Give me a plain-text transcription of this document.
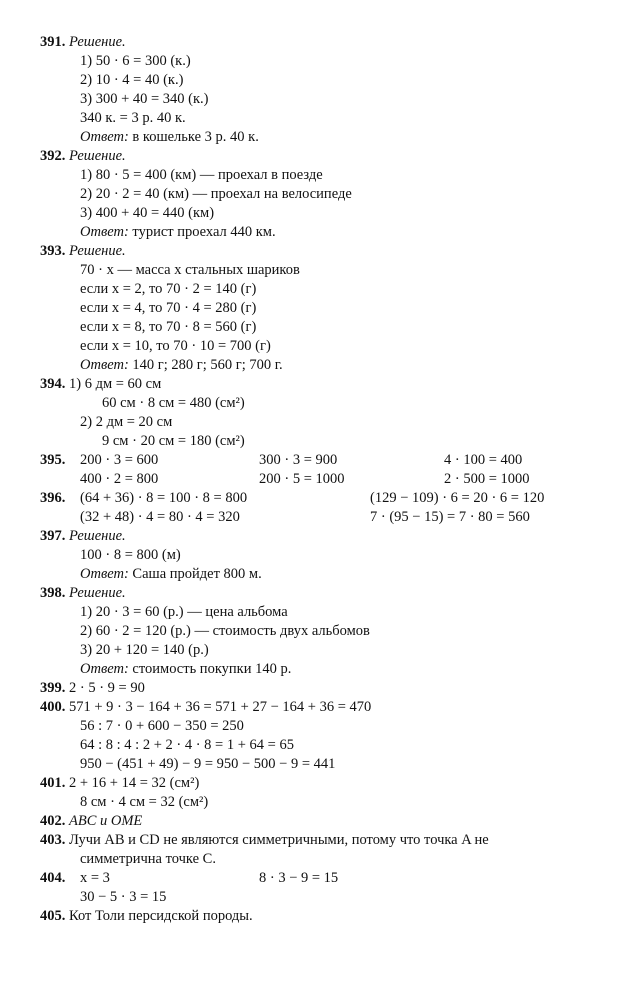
391. Решение.
1) 50 · 6 = 300 (к.)
2) 10 · 4 = 40 (к.)
3) 300 + 40 = 340 (к.)
340 к. = 3 р. 40 к.
Ответ: в кошельке 3 р. 40 к.
392. Решение.
1) 80 · 5 = 400 (км) — проехал в поезде
2) 20 · 2 = 40 (км) — проехал на велосипеде
3) 400 + 40 = 440 (км)
Ответ: турист проехал 440 км.
393. Решение.
70 · x — масса x стальных шариков
если x = 2, то 70 · 2 = 140 (г)
если x = 4, то 70 · 4 = 280 (г)
если x = 8, то 70 · 8 = 560 (г)
если x = 10, то 70 · 10 = 700 (г)
Ответ: 140 г; 280 г; 560 г; 700 г.
394. 1) 6 дм = 60 см
60 см · 8 см = 480 (см²)
2) 2 дм = 20 см
9 см · 20 см = 180 (см²)
395. 200 · 3 = 600	300 · 3 = 900	4 · 100 = 400
400 · 2 = 800	200 · 5 = 1000	2 · 500 = 1000
396. (64 + 36) · 8 = 100 · 8 = 800	(129 − 109) · 6 = 20 · 6 = 120
(32 + 48) · 4 = 80 · 4 = 320	7 · (95 − 15) = 7 · 80 = 560
397. Решение.
100 · 8 = 800 (м)
Ответ: Саша пройдет 800 м.
398. Решение.
1) 20 · 3 = 60 (р.) — цена альбома
2) 60 · 2 = 120 (р.) — стоимость двух альбомов
3) 20 + 120 = 140 (р.)
Ответ: стоимость покупки 140 р.
399. 2 · 5 · 9 = 90
400. 571 + 9 · 3 − 164 + 36 = 571 + 27 − 164 + 36 = 470
56 : 7 · 0 + 600 − 350 = 250
64 : 8 : 4 : 2 + 2 · 4 · 8 = 1 + 64 = 65
950 − (451 + 49) − 9 = 950 − 500 − 9 = 441
401. 2 + 16 + 14 = 32 (см²)
8 см · 4 см = 32 (см²)
402. ABC и OME
403. Лучи AB и CD не являются симметричными, потому что точка A не
симметрична точке C.
404. x = 3	8 · 3 − 9 = 15
30 − 5 · 3 = 15
405. Кот Толи персидской породы.
